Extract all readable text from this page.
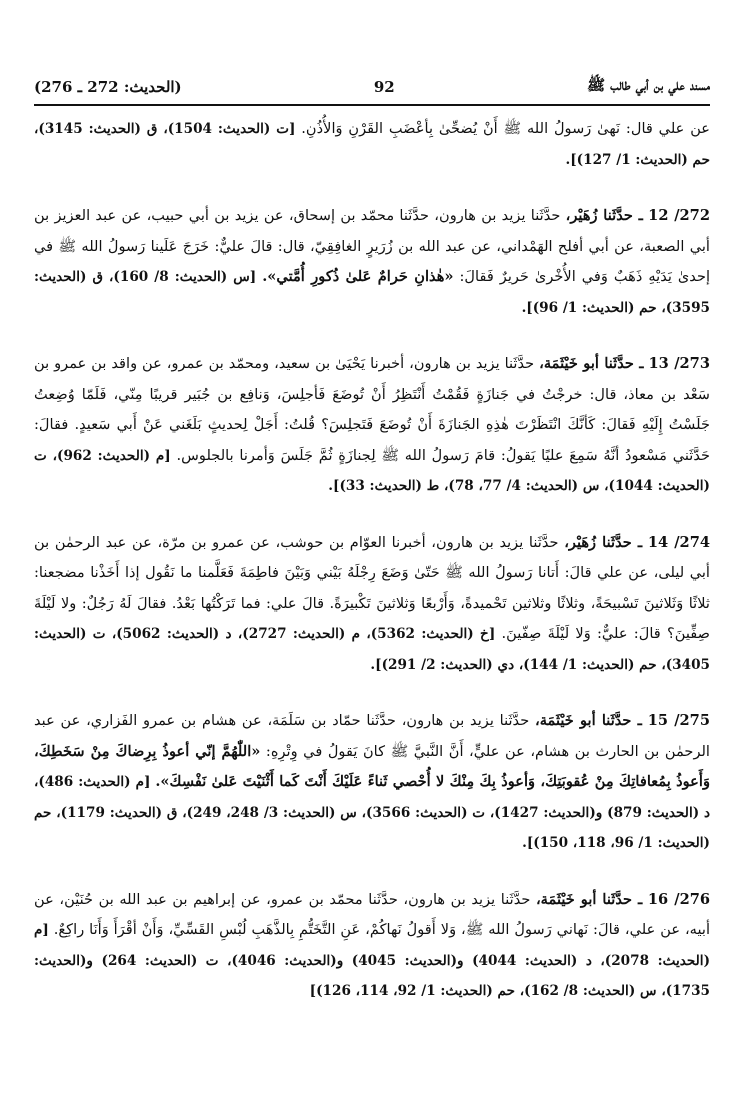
مسند علي بن أبي طالب ﷺ
92
(الحديث: 272 ـ 276)

عن علي قال: نَهىٰ رَسولُ الله ﷺ أَنْ يُضحِّىٰ بِأعْضَبِ القَرْنِ وَالأُذُنِ. [ت (الحديث: 1504)، ق (الحديث: 3145)، حم (الحديث: 1/ 127)].

272/ 12 ـ حدَّثَنا زُهَيْر، حدَّثَنا يزيد بن هارون، حدَّثَنا محمّد بن إسحاق، عن يزيد بن أبي حبيب، عن عبد العزيز بن أبي الصعبة، عن أبي أفلح الهَمْداني، عن عبد الله بن زُرَيرٍ الغافِقِيّ، قال: قالَ عليٌّ: خَرَجَ عَلَينا رَسولُ الله ﷺ في إحدىٰ يَدَيْهِ ذَهَبٌ وَفي الأُخْرىٰ حَريرٌ فَقالَ: «هٰذانِ حَرامٌ عَلىٰ ذُكورِ أُمَّتي». [س (الحديث: 8/ 160)، ق (الحديث: 3595)، حم (الحديث: 1/ 96)].

273/ 13 ـ حدَّثَنا أبو خَيْثَمَة، حدَّثَنا يزيد بن هارون، أخبرنا يَحْيَىٰ بن سعيد، ومحمّد بن عمرو، عن واقد بن عمرو بن سَعْد بن معاذ، قال: خرجْتُ في جَنازَةٍ فَقُمْتُ أَنْتَظِرُ أَنْ تُوضَعَ فَأجلِسَ، وَنافِع بن جُبَير قريبًا مِنّي، فَلَمّا وُضِعتُ جَلَسْتُ إِلَيْهِ فَقالَ: كَأنَّكَ انْتَظَرْتَ هٰذِهِ الجَنازَةَ أَنْ تُوضَعَ فَتَجلِسَ؟ قُلتُ: أَجَلْ لِحديثٍ بَلَغَني عَنْ أَبي سَعيدٍ. فقالَ: حَدَّثَني مَسْعودُ أنَّهُ سَمِعَ عليًا يَقولُ: قامَ رَسولُ الله ﷺ لِجنازَةٍ ثُمَّ جَلَسَ وَأمرنا بالجلوس. [م (الحديث: 962)، ت (الحديث: 1044)، س (الحديث: 4/ 77، 78)، ط (الحديث: 33)].

274/ 14 ـ حدَّثَنا زُهَيْر، حدَّثَنا يزيد بن هارون، أخبرنا العوّام بن حوشب، عن عمرو بن مرّة، عن عبد الرحمٰن بن أبي ليلى، عن علي قالَ: أَتانا رَسولُ الله ﷺ حَتّىٰ وَضَعَ رِجْلَهُ بَيْني وَبَيْنَ فاطِمَةَ فَعَلَّمنا ما نَقُول إذا أَخَذْنا مضجعنا: ثلاثًا وَثَلاثينَ تَسْبيحَةً، وثلاثًا وثلاثين تَحْميدةً، وَأَرْبعًا وَثلاثينَ تَكْبيرَةً. قالَ علي: فما تَرَكْتُها بَعْدُ. فقالَ لَهُ رَجُلٌ: ولا لَيْلَةَ صِفِّينَ؟ قالَ: عليٌّ: وَلا لَيْلَةَ صِفّينَ. [خ (الحديث: 5362)، م (الحديث: 2727)، د (الحديث: 5062)، ت (الحديث: 3405)، حم (الحديث: 1/ 144)، دي (الحديث: 2/ 291)].

275/ 15 ـ حدَّثَنا أبو خَيْثَمَة، حدَّثَنا يزيد بن هارون، حدَّثَنا حمّاد بن سَلَمَة، عن هشام بن عمرو الفَزاري، عن عبد الرحمٰن بن الحارث بن هشام، عن عليٍّ، أَنَّ النَّبيَّ ﷺ كانَ يَقولُ في وِتْرِهِ: «اللّٰهُمَّ إنّي أعوذُ بِرِضاكَ مِنْ سَخَطِكَ، وَأَعوذُ بِمُعافاتِكَ مِنْ عُقوبَتِكَ، وَأعوذُ بِكَ مِنْكَ لا أُحْصي ثَناءً عَلَيْكَ أَنْتَ كَما أَثْنَيْتَ عَلىٰ نَفْسِكَ». [م (الحديث: 486)، د (الحديث: 879) و(الحديث: 1427)، ت (الحديث: 3566)، س (الحديث: 3/ 248، 249)، ق (الحديث: 1179)، حم (الحديث: 1/ 96، 118، 150)].

276/ 16 ـ حدَّثَنا أبو خَيْثَمَة، حدَّثَنا يزيد بن هارون، حدَّثَنا محمّد بن عمرو، عن إبراهيم بن عبد الله بن حُنَيْن، عن أبيه، عن علي، قالَ: نَهاني رَسولُ الله ﷺ، وَلا أَقولُ نَهاكُمْ، عَنِ التَّخَتُّمِ بِالذَّهَبِ لُبْسِ القَسِّيِّ، وَأَنْ أقْرَأَ وَأَنَا راكِعٌ. [م (الحديث: 2078)، د (الحديث: 4044) و(الحديث: 4045) و(الحديث: 4046)، ت (الحديث: 264) و(الحديث: 1735)، س (الحديث: 8/ 162)، حم (الحديث: 1/ 92، 114، 126)]
